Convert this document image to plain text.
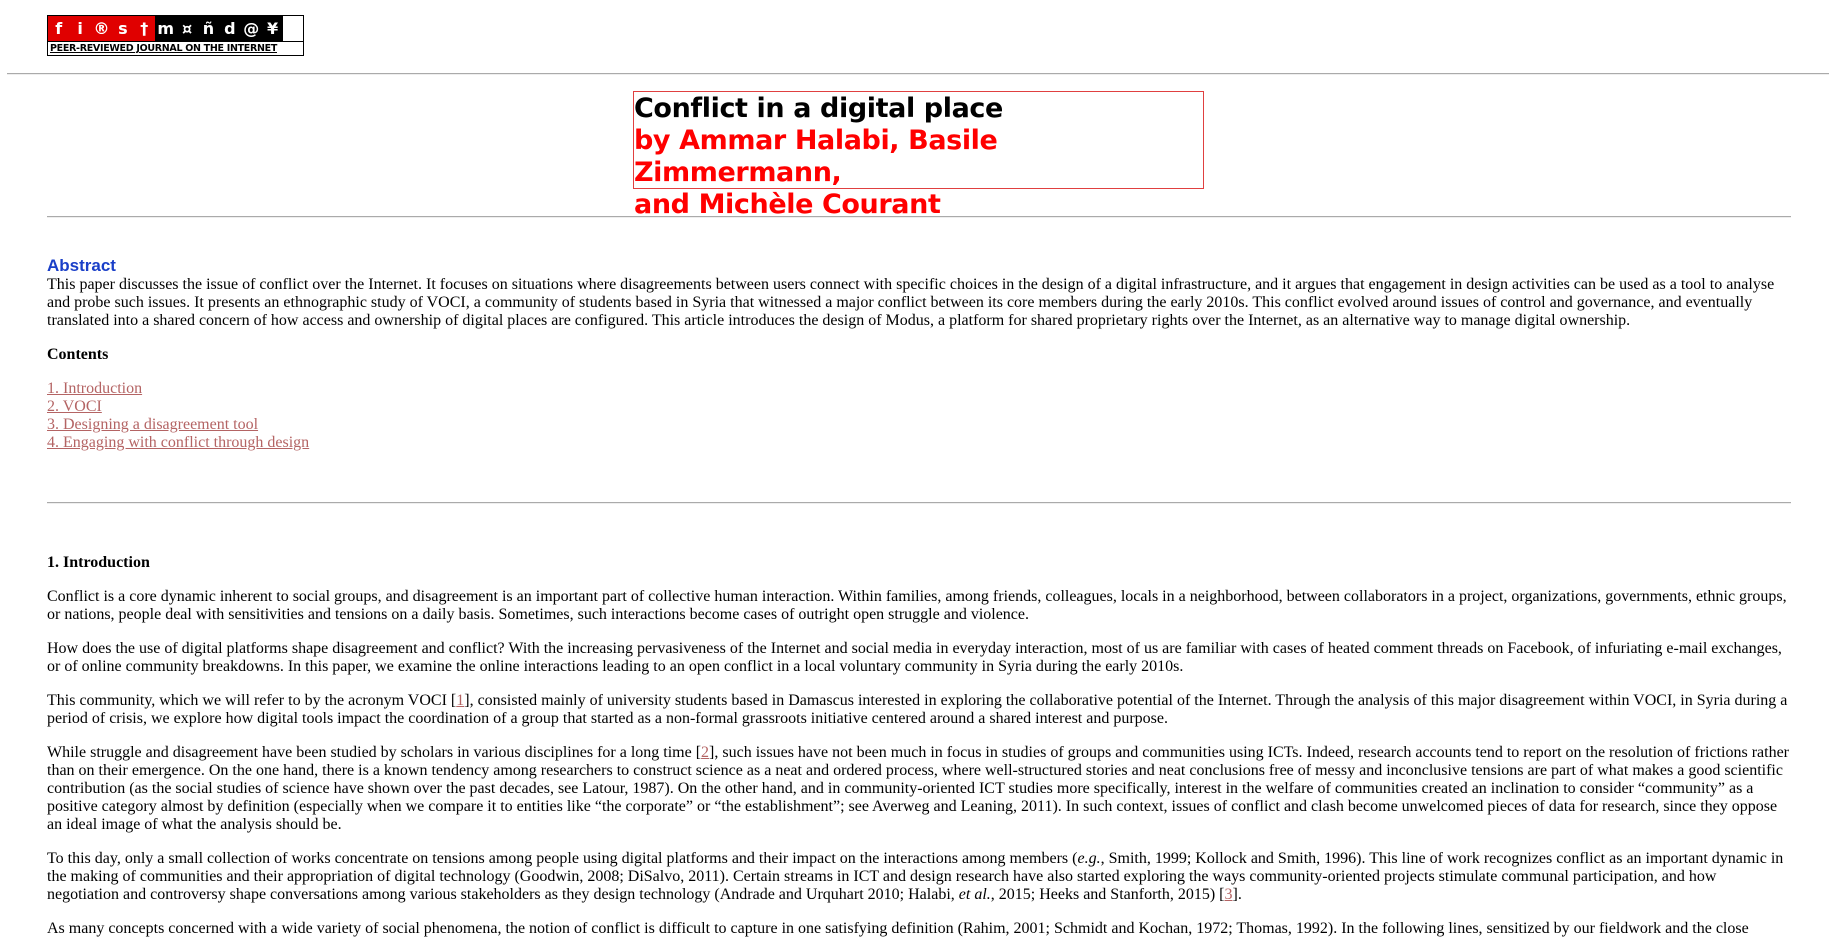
f i ® s † m ¤ ñ d @ ¥
PEER-REVIEWED JOURNAL ON THE INTERNET
Conflict in a digital place
by Ammar Halabi, Basile Zimmermann,
and Michèle Courant
Abstract

This paper discusses the issue of conflict over the Internet. It focuses on situations where disagreements between users connect with specific choices in the design of a digital infrastructure, and it argues that engagement in design activities can be used as a tool to analyse and probe such issues. It presents an ethnographic study of VOCI, a community of students based in Syria that witnessed a major conflict between its core members during the early 2010s. This conflict evolved around issues of control and governance, and eventually translated into a shared concern of how access and ownership of digital places are configured. This article introduces the design of Modus, a platform for shared proprietary rights over the Internet, as an alternative way to manage digital ownership.

Contents

1. Introduction
2. VOCI
3. Designing a disagreement tool
4. Engaging with conflict through design

1. Introduction

Conflict is a core dynamic inherent to social groups, and disagreement is an important part of collective human interaction. Within families, among friends, colleagues, locals in a neighborhood, between collaborators in a project, organizations, governments, ethnic groups, or nations, people deal with sensitivities and tensions on a daily basis. Sometimes, such interactions become cases of outright open struggle and violence.

How does the use of digital platforms shape disagreement and conflict? With the increasing pervasiveness of the Internet and social media in everyday interaction, most of us are familiar with cases of heated comment threads on Facebook, of infuriating e-mail exchanges, or of online community breakdowns. In this paper, we examine the online interactions leading to an open conflict in a local voluntary community in Syria during the early 2010s.

This community, which we will refer to by the acronym VOCI [1], consisted mainly of university students based in Damascus interested in exploring the collaborative potential of the Internet. Through the analysis of this major disagreement within VOCI, in Syria during a period of crisis, we explore how digital tools impact the coordination of a group that started as a non-formal grassroots initiative centered around a shared interest and purpose.

While struggle and disagreement have been studied by scholars in various disciplines for a long time [2], such issues have not been much in focus in studies of groups and communities using ICTs. Indeed, research accounts tend to report on the resolution of frictions rather than on their emergence. On the one hand, there is a known tendency among researchers to construct science as a neat and ordered process, where well-structured stories and neat conclusions free of messy and inconclusive tensions are part of what makes a good scientific contribution (as the social studies of science have shown over the past decades, see Latour, 1987). On the other hand, and in community-oriented ICT studies more specifically, interest in the welfare of communities created an inclination to consider “community” as a positive category almost by definition (especially when we compare it to entities like “the corporate” or “the establishment”; see Averweg and Leaning, 2011). In such context, issues of conflict and clash become unwelcomed pieces of data for research, since they oppose an ideal image of what the analysis should be.

To this day, only a small collection of works concentrate on tensions among people using digital platforms and their impact on the interactions among members (e.g., Smith, 1999; Kollock and Smith, 1996). This line of work recognizes conflict as an important dynamic in the making of communities and their appropriation of digital technology (Goodwin, 2008; DiSalvo, 2011). Certain streams in ICT and design research have also started exploring the ways community-oriented projects stimulate communal participation, and how negotiation and controversy shape conversations among various stakeholders as they design technology (Andrade and Urquhart 2010; Halabi, et al., 2015; Heeks and Stanforth, 2015) [3].

As many concepts concerned with a wide variety of social phenomena, the notion of conflict is difficult to capture in one satisfying definition (Rahim, 2001; Schmidt and Kochan, 1972; Thomas, 1992). In the following lines, sensitized by our fieldwork and the close
